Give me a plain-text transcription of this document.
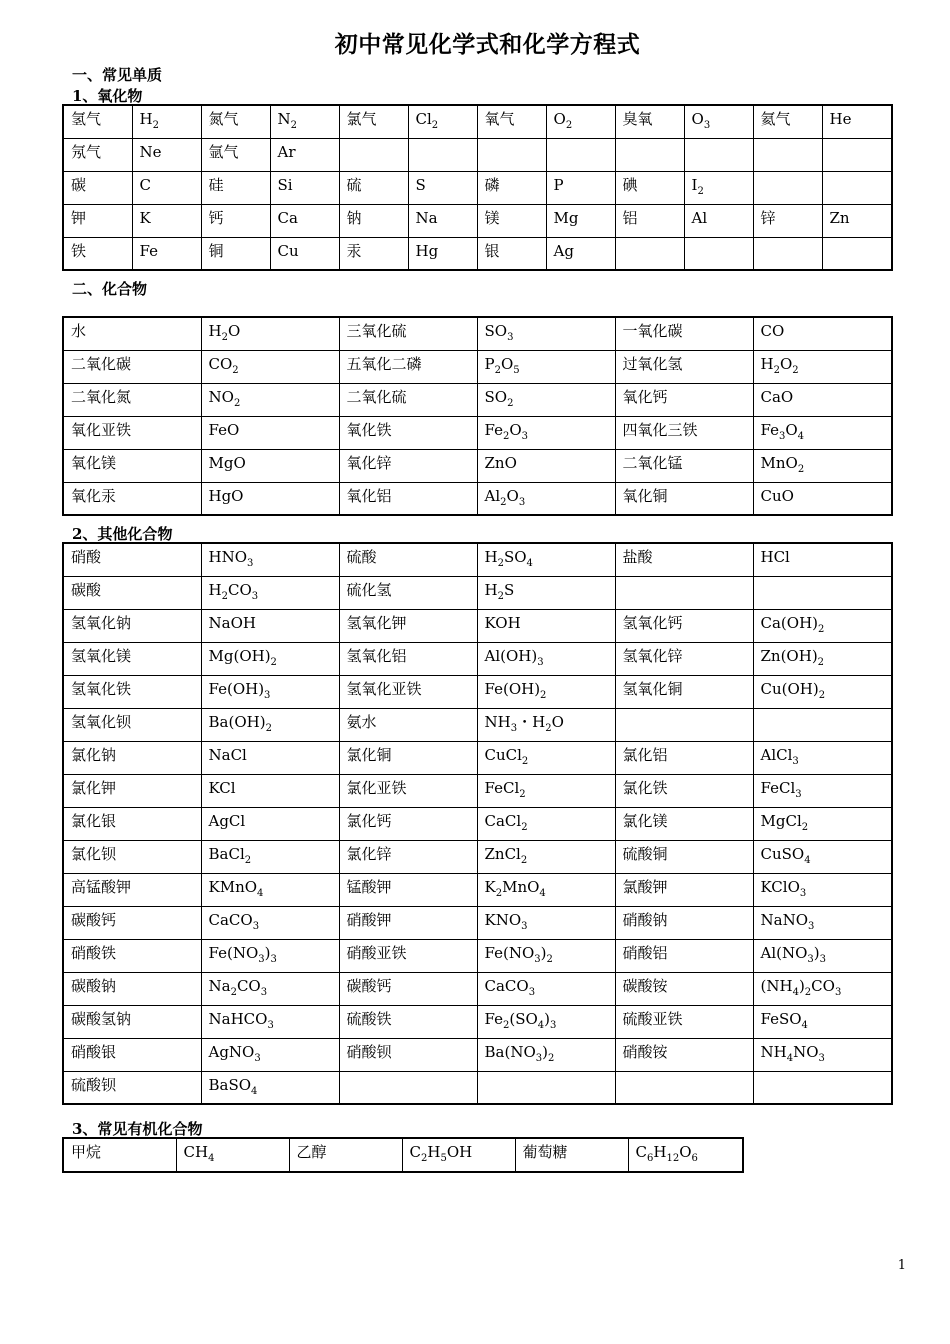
初中常见化学式和化学方程式
一、常见单质
1、氧化物
氢气	$H_2$	氮气	$N_2$	氯气	$Cl_2$	氧气	$O_2$	臭氧	$O_3$	氦气	He
氖气	Ne	氩气	Ar								
碳	C	硅	Si	硫	S	磷	P	碘	$I_2$		
钾	K	钙	Ca	钠	Na	镁	Mg	铝	Al	锌	Zn
铁	Fe	铜	Cu	汞	Hg	银	Ag				
二、化合物
水	$H_2O$	三氧化硫	$SO_3$	一氧化碳	CO
二氧化碳	$CO_2$	五氧化二磷	$P_2O_5$	过氧化氢	$H_2O_2$
二氧化氮	$NO_2$	二氧化硫	$SO_2$	氧化钙	CaO
氧化亚铁	FeO	氧化铁	$Fe_2O_3$	四氧化三铁	$Fe_3O_4$
氧化镁	MgO	氧化锌	ZnO	二氧化锰	MnO$_2$
氧化汞	HgO	氧化铝	$Al_2O_3$	氧化铜	CuO
2、其他化合物
硝酸	$HNO_3$	硫酸	$H_2SO_4$	盐酸	HCl
碳酸	$H_2CO_3$	硫化氢	$H_2S$		
氢氧化钠	NaOH	氢氧化钾	KOH	氢氧化钙	$Ca(OH)_2$
氢氧化镁	$Mg(OH)_2$	氢氧化铝	$Al(OH)_3$	氢氧化锌	$Zn(OH)_2$
氢氧化铁	$Fe(OH)_3$	氢氧化亚铁	$Fe(OH)_2$	氢氧化铜	$Cu(OH)_2$
氢氧化钡	$Ba(OH)_2$	氨水	$NH_3$・$H_2O$		
氯化钠	NaCl	氯化铜	CuCl$_2$	氯化铝	AlCl$_3$
氯化钾	KCl	氯化亚铁	FeCl$_2$	氯化铁	FeCl$_3$
氯化银	AgCl	氯化钙	CaCl$_2$	氯化镁	MgCl$_2$
氯化钡	BaCl$_2$	氯化锌	ZnCl$_2$	硫酸铜	CuSO$_4$
高锰酸钾	KMnO$_4$	锰酸钾	$K_2MnO_4$	氯酸钾	KClO$_3$
碳酸钙	CaCO$_3$	硝酸钾	$KNO_3$	硝酸钠	NaNO$_3$
硝酸铁	$Fe(NO_3)_3$	硝酸亚铁	$Fe(NO_3)_2$	硝酸铝	$Al(NO_3)_3$
碳酸钠	$Na_2CO_3$	碳酸钙	CaCO$_3$	碳酸铵	$(NH_4)_2CO_3$
碳酸氢钠	NaHCO$_3$	硫酸铁	$Fe_2(SO_4)_3$	硫酸亚铁	FeSO$_4$
硝酸银	AgNO$_3$	硝酸钡	$Ba(NO_3)_2$	硝酸铵	$NH_4NO_3$
硫酸钡	BaSO$_4$				
3、常见有机化合物
甲烷	$CH_4$	乙醇	$C_2H_5OH$	葡萄糖	$C_6H_{12}O_6$
1
